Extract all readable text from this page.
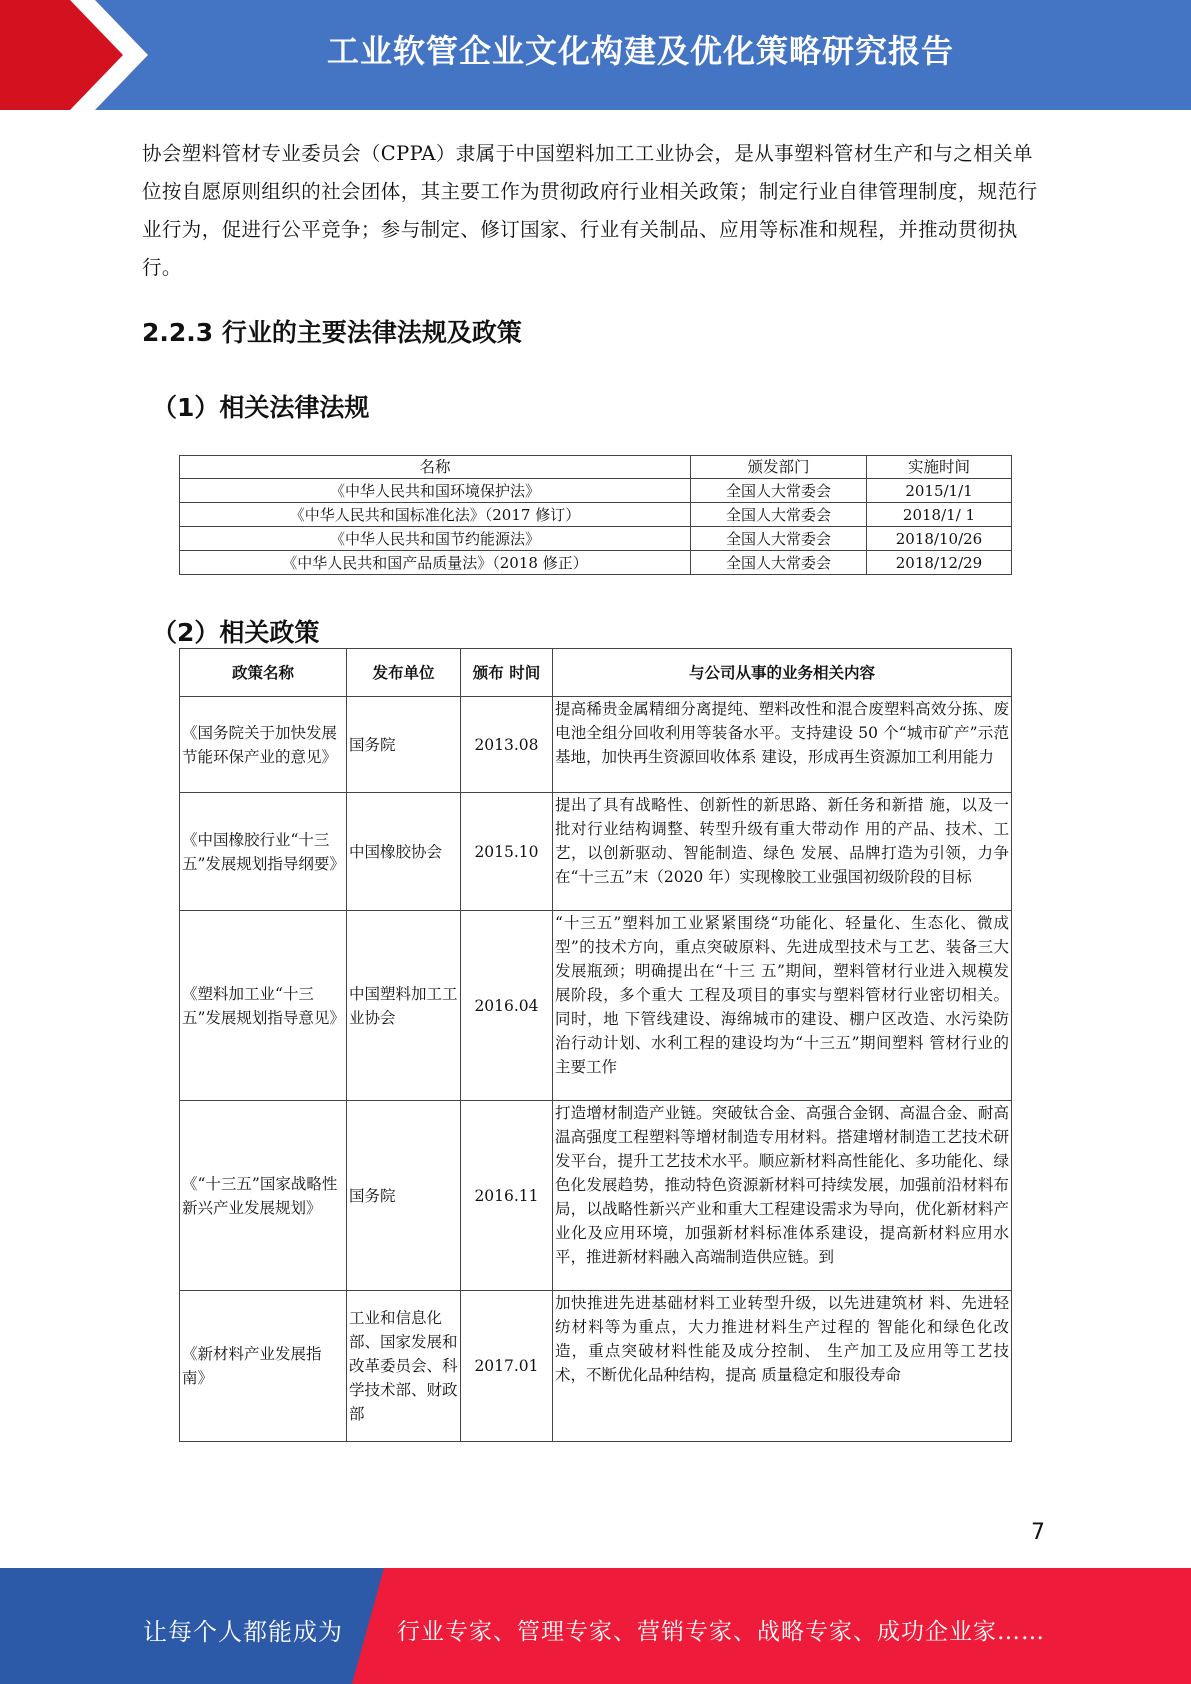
工业软管企业文化构建及优化策略研究报告
协会塑料管材专业委员会（CPPA）隶属于中国塑料加工工业协会，是从事塑料管材生产和与之相关单位按自愿原则组织的社会团体，其主要工作为贯彻政府行业相关政策；制定行业自律管理制度，规范行业行为，促进行公平竞争；参与制定、修订国家、行业有关制品、应用等标准和规程，并推动贯彻执行。
2.2.3 行业的主要法律法规及政策
（1）相关法律法规
名称	颁发部门	实施时间
《中华人民共和国环境保护法》	全国人大常委会	2015/1/1
《中华人民共和国标准化法》（2017 修订）	全国人大常委会	2018/1/ 1
《中华人民共和国节约能源法》	全国人大常委会	2018/10/26
《中华人民共和国产品质量法》（2018 修正）	全国人大常委会	2018/12/29
（2）相关政策
政策名称	发布单位	颁布 时间	与公司从事的业务相关内容
《国务院关于加快发展节能环保产业的意见》	国务院	2013.08	提高稀贵金属精细分离提纯、塑料改性和混合废塑料高效分拣、废电池全组分回收利用等装备水平。支持建设 50 个“城市矿产”示范基地，加快再生资源回收体系 建设，形成再生资源加工利用能力
《中国橡胶行业“十三五”发展规划指导纲要》	中国橡胶协会	2015.10	提出了具有战略性、创新性的新思路、新任务和新措 施，以及一批对行业结构调整、转型升级有重大带动作 用的产品、技术、工艺，以创新驱动、智能制造、绿色 发展、品牌打造为引领，力争在“十三五”末（2020 年）实现橡胶工业强国初级阶段的目标
《塑料加工业“十三五”发展规划指导意见》	中国塑料加工工业协会	2016.04	“十三五”塑料加工业紧紧围绕“功能化、轻量化、生态化、微成型”的技术方向，重点突破原料、先进成型技术与工艺、装备三大发展瓶颈；明确提出在“十三 五”期间，塑料管材行业进入规模发展阶段，多个重大 工程及项目的事实与塑料管材行业密切相关。同时，地 下管线建设、海绵城市的建设、棚户区改造、水污染防 治行动计划、水利工程的建设均为“十三五”期间塑料 管材行业的主要工作
《“十三五”国家战略性新兴产业发展规划》	国务院	2016.11	打造增材制造产业链。突破钛合金、高强合金钢、高温合金、耐高温高强度工程塑料等增材制造专用材料。搭建增材制造工艺技术研发平台，提升工艺技术水平。顺应新材料高性能化、多功能化、绿色化发展趋势，推动特色资源新材料可持续发展，加强前沿材料布局，以战略性新兴产业和重大工程建设需求为导向，优化新材料产业化及应用环境，加强新材料标准体系建设，提高新材料应用水平，推进新材料融入高端制造供应链。到
《新材料产业发展指南》	工业和信息化部、国家发展和改革委员会、科学技术部、财政部	2017.01	加快推进先进基础材料工业转型升级，以先进建筑材 料、先进轻纺材料等为重点，大力推进材料生产过程的 智能化和绿色化改造，重点突破材料性能及成分控制、 生产加工及应用等工艺技术，不断优化品种结构，提高 质量稳定和服役寿命
7
让每个人都能成为 行业专家、管理专家、营销专家、战略专家、成功企业家……
